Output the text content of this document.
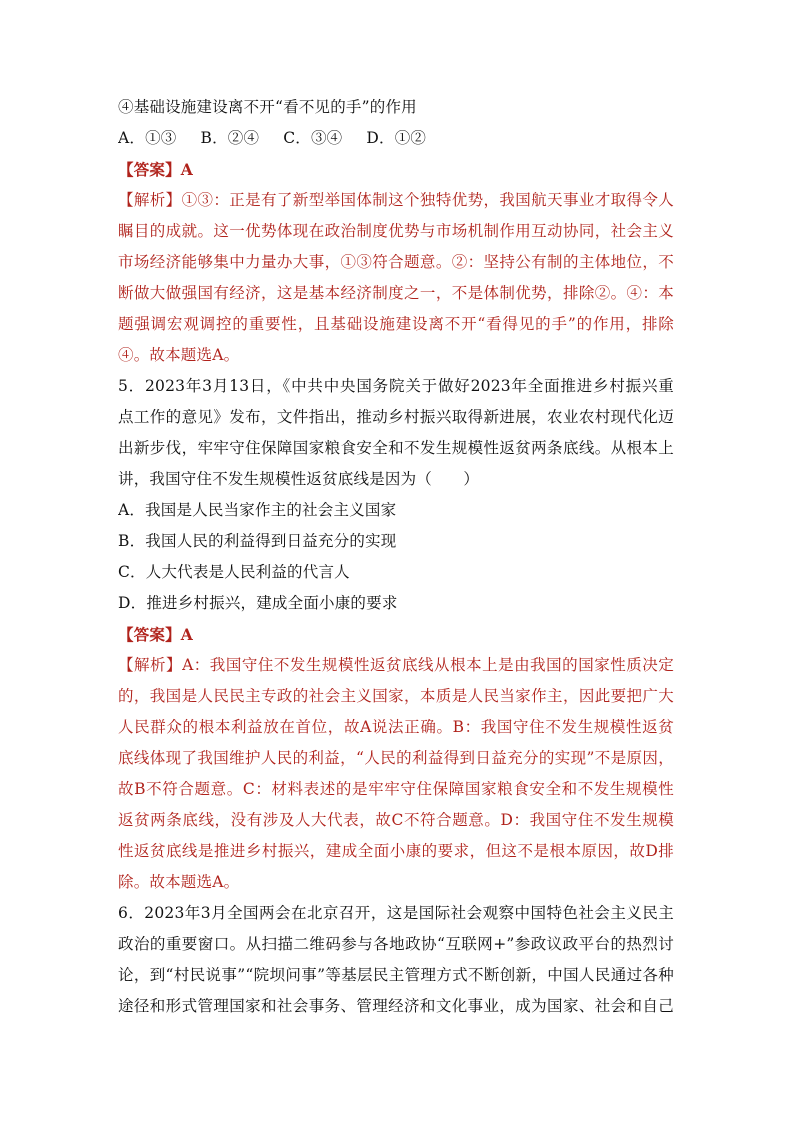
④基础设施建设离不开“看不见的手”的作用
A．①③ B．②④ C．③④ D．①②
【答案】A
【解析】①③：正是有了新型举国体制这个独特优势，我国航天事业才取得令人
瞩目的成就。这一优势体现在政治制度优势与市场机制作用互动协同，社会主义
市场经济能够集中力量办大事，①③符合题意。②：坚持公有制的主体地位，不
断做大做强国有经济，这是基本经济制度之一，不是体制优势，排除②。④：本
题强调宏观调控的重要性，且基础设施建设离不开“看得见的手”的作用，排除
④。故本题选A。
5．2023年3月13日，《中共中央国务院关于做好2023年全面推进乡村振兴重
点工作的意见》发布，文件指出，推动乡村振兴取得新进展，农业农村现代化迈
出新步伐，牢牢守住保障国家粮食安全和不发生规模性返贫两条底线。从根本上
讲，我国守住不发生规模性返贫底线是因为（　　）
A．我国是人民当家作主的社会主义国家
B．我国人民的利益得到日益充分的实现
C．人大代表是人民利益的代言人
D．推进乡村振兴，建成全面小康的要求
【答案】A
【解析】A：我国守住不发生规模性返贫底线从根本上是由我国的国家性质决定
的，我国是人民民主专政的社会主义国家，本质是人民当家作主，因此要把广大
人民群众的根本利益放在首位，故A说法正确。B：我国守住不发生规模性返贫
底线体现了我国维护人民的利益，“人民的利益得到日益充分的实现”不是原因，
故B不符合题意。C：材料表述的是牢牢守住保障国家粮食安全和不发生规模性
返贫两条底线，没有涉及人大代表，故C不符合题意。D：我国守住不发生规模
性返贫底线是推进乡村振兴，建成全面小康的要求，但这不是根本原因，故D排
除。故本题选A。
6．2023年3月全国两会在北京召开，这是国际社会观察中国特色社会主义民主
政治的重要窗口。从扫描二维码参与各地政协“互联网+”参政议政平台的热烈讨
论，到“村民说事”“院坝问事”等基层民主管理方式不断创新，中国人民通过各种
途径和形式管理国家和社会事务、管理经济和文化事业，成为国家、社会和自己
